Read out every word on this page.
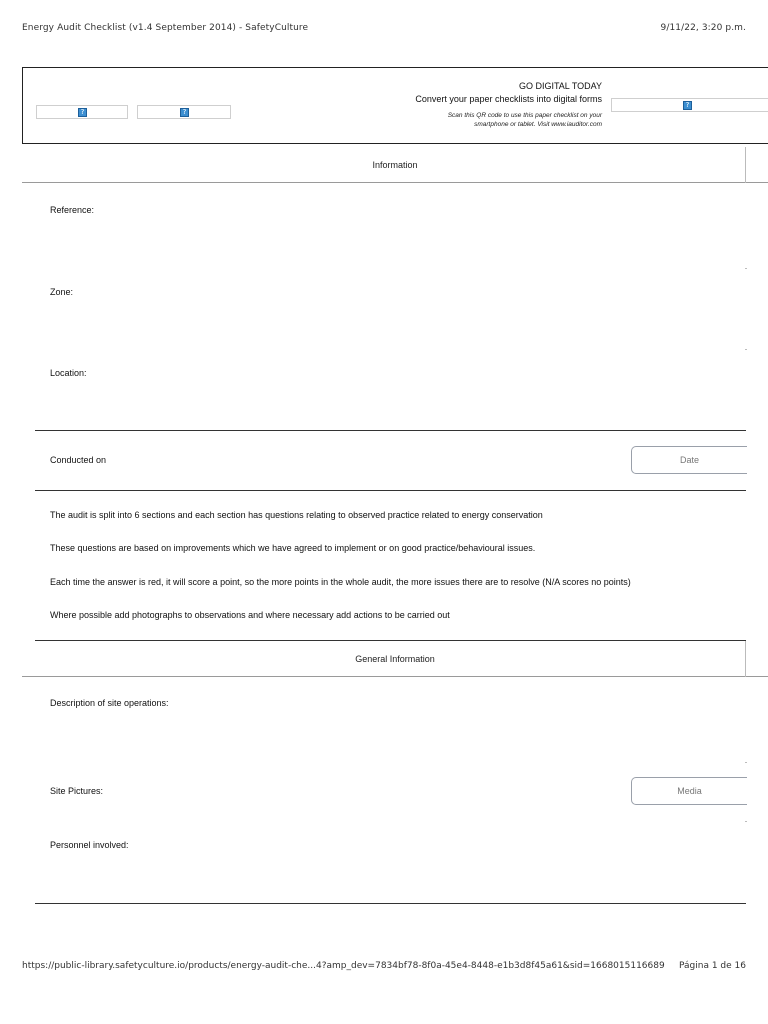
Energy Audit Checklist (v1.4 September 2014) - SafetyCulture	9/11/22, 3:20 p.m.
?	?
GO DIGITAL TODAY
Convert your paper checklists into digital forms
Scan this QR code to use this paper checklist on your
smartphone or tablet. Visit www.iauditor.com
?
Information
Reference:
Zone:
Location:
Conducted on	Date
The audit is split into 6 sections and each section has questions relating to observed practice related to energy conservation
These questions are based on improvements which we have agreed to implement or on good practice/behavioural issues.
Each time the answer is red, it will score a point, so the more points in the whole audit, the more issues there are to resolve (N/A scores no points)
Where possible add photographs to observations and where necessary add actions to be carried out
General Information
Description of site operations:
Site Pictures:	Media
Personnel involved:
https://public-library.safetyculture.io/products/energy-audit-che...4?amp_dev=7834bf78-8f0a-45e4-8448-e1b3d8f45a61&sid=1668015116689 Página 1 de 16
